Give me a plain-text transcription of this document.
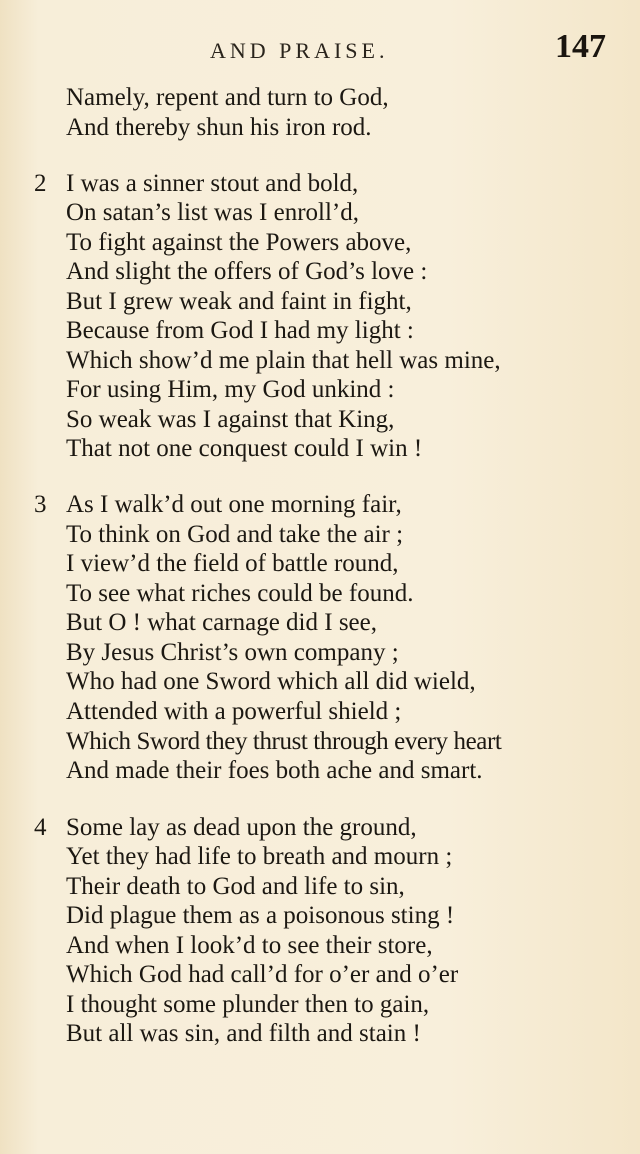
AND PRAISE.	147
Namely, repent and turn to God,
And thereby shun his iron rod.
2 I was a sinner stout and bold,
On satan’s list was I enroll’d,
To fight against the Powers above,
And slight the offers of God’s love :
But I grew weak and faint in fight,
Because from God I had my light :
Which show’d me plain that hell was mine,
For using Him, my God unkind :
So weak was I against that King,
That not one conquest could I win !
3 As I walk’d out one morning fair,
To think on God and take the air ;
I view’d the field of battle round,
To see what riches could be found.
But O ! what carnage did I see,
By Jesus Christ’s own company ;
Who had one Sword which all did wield,
Attended with a powerful shield ;
Which Sword they thrust through every heart
And made their foes both ache and smart.
4 Some lay as dead upon the ground,
Yet they had life to breath and mourn ;
Their death to God and life to sin,
Did plague them as a poisonous sting !
And when I look’d to see their store,
Which God had call’d for o’er and o’er
I thought some plunder then to gain,
But all was sin, and filth and stain !
